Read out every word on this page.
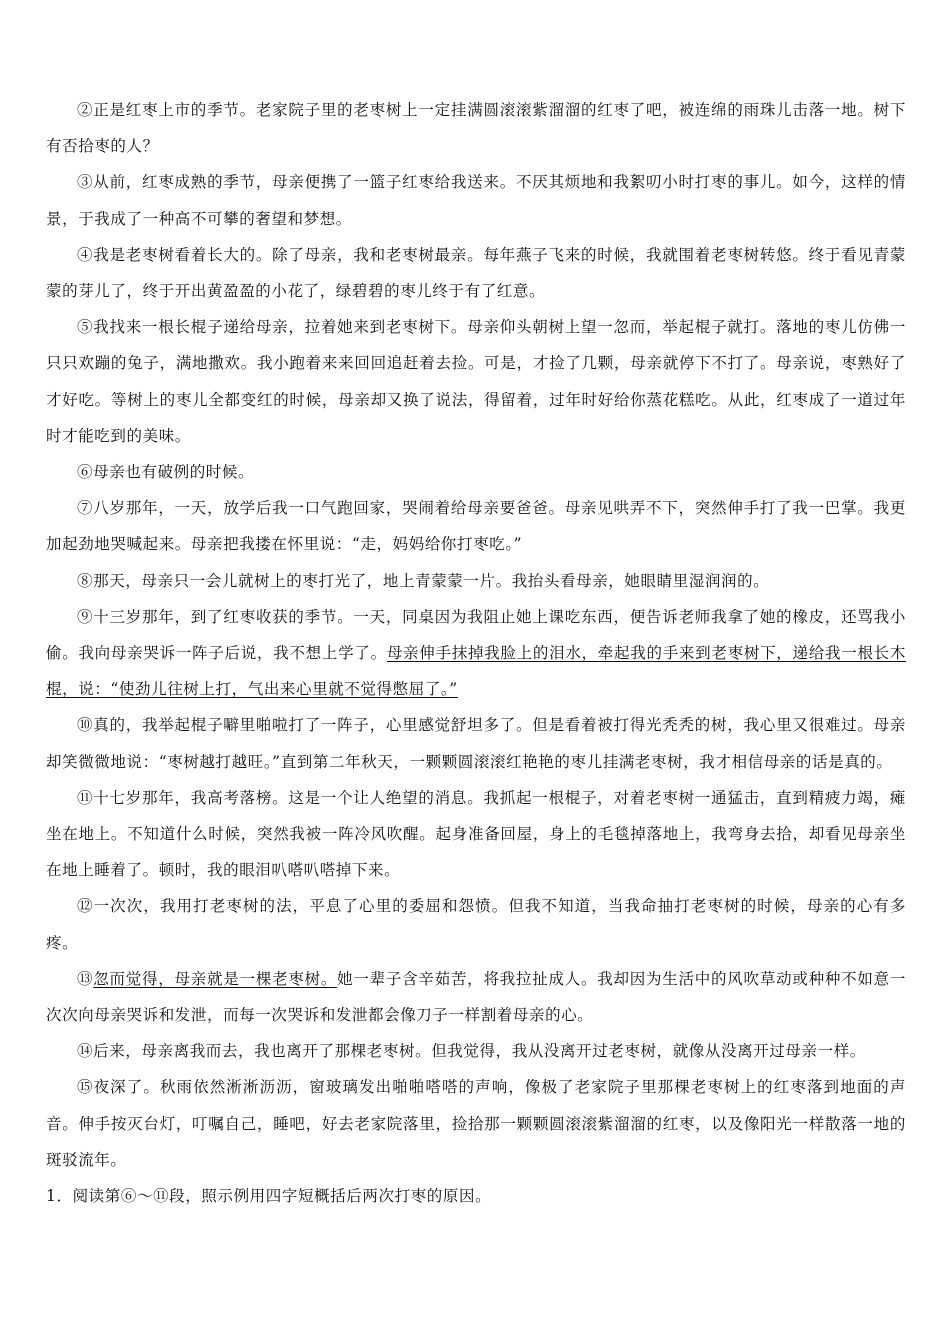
②正是红枣上市的季节。老家院子里的老枣树上一定挂满圆滚滚紫溜溜的红枣了吧，被连绵的雨珠儿击落一地。树下有否拾枣的人？

③从前，红枣成熟的季节，母亲便携了一篮子红枣给我送来。不厌其烦地和我絮叨小时打枣的事儿。如今，这样的情景，于我成了一种高不可攀的奢望和梦想。

④我是老枣树看着长大的。除了母亲，我和老枣树最亲。每年燕子飞来的时候，我就围着老枣树转悠。终于看见青蒙蒙的芽儿了，终于开出黄盈盈的小花了，绿碧碧的枣儿终于有了红意。

⑤我找来一根长棍子递给母亲，拉着她来到老枣树下。母亲仰头朝树上望一忽而，举起棍子就打。落地的枣儿仿佛一只只欢蹦的兔子，满地撒欢。我小跑着来来回回追赶着去捡。可是，才捡了几颗，母亲就停下不打了。母亲说，枣熟好了才好吃。等树上的枣儿全都变红的时候，母亲却又换了说法，得留着，过年时好给你蒸花糕吃。从此，红枣成了一道过年时才能吃到的美味。

⑥母亲也有破例的时候。

⑦八岁那年，一天，放学后我一口气跑回家，哭闹着给母亲要爸爸。母亲见哄弄不下，突然伸手打了我一巴掌。我更加起劲地哭喊起来。母亲把我搂在怀里说：“走，妈妈给你打枣吃。”

⑧那天，母亲只一会儿就树上的枣打光了，地上青蒙蒙一片。我抬头看母亲，她眼睛里湿润润的。

⑨十三岁那年，到了红枣收获的季节。一天，同桌因为我阻止她上课吃东西，便告诉老师我拿了她的橡皮，还骂我小偷。我向母亲哭诉一阵子后说，我不想上学了。母亲伸手抹掉我脸上的泪水，牵起我的手来到老枣树下，递给我一根长木棍，说：“使劲儿往树上打，气出来心里就不觉得憋屈了。”

⑩真的，我举起棍子噼里啪啦打了一阵子，心里感觉舒坦多了。但是看着被打得光秃秃的树，我心里又很难过。母亲却笑微微地说：“枣树越打越旺。”直到第二年秋天，一颗颗圆滚滚红艳艳的枣儿挂满老枣树，我才相信母亲的话是真的。

⑪十七岁那年，我高考落榜。这是一个让人绝望的消息。我抓起一根棍子，对着老枣树一通猛击，直到精疲力竭，瘫坐在地上。不知道什么时候，突然我被一阵冷风吹醒。起身准备回屋，身上的毛毯掉落地上，我弯身去拾，却看见母亲坐在地上睡着了。顿时，我的眼泪叭嗒叭嗒掉下来。

⑫一次次，我用打老枣树的法，平息了心里的委屈和怨愤。但我不知道，当我命抽打老枣树的时候，母亲的心有多疼。

⑬忽而觉得，母亲就是一棵老枣树。她一辈子含辛茹苦，将我拉扯成人。我却因为生活中的风吹草动或种种不如意一次次向母亲哭诉和发泄，而每一次哭诉和发泄都会像刀子一样割着母亲的心。

⑭后来，母亲离我而去，我也离开了那棵老枣树。但我觉得，我从没离开过老枣树，就像从没离开过母亲一样。

⑮夜深了。秋雨依然淅淅沥沥，窗玻璃发出啪啪嗒嗒的声响，像极了老家院子里那棵老枣树上的红枣落到地面的声音。伸手按灭台灯，叮嘱自己，睡吧，好去老家院落里，捡拾那一颗颗圆滚滚紫溜溜的红枣，以及像阳光一样散落一地的斑驳流年。

1．阅读第⑥～⑪段，照示例用四字短概括后两次打枣的原因。
